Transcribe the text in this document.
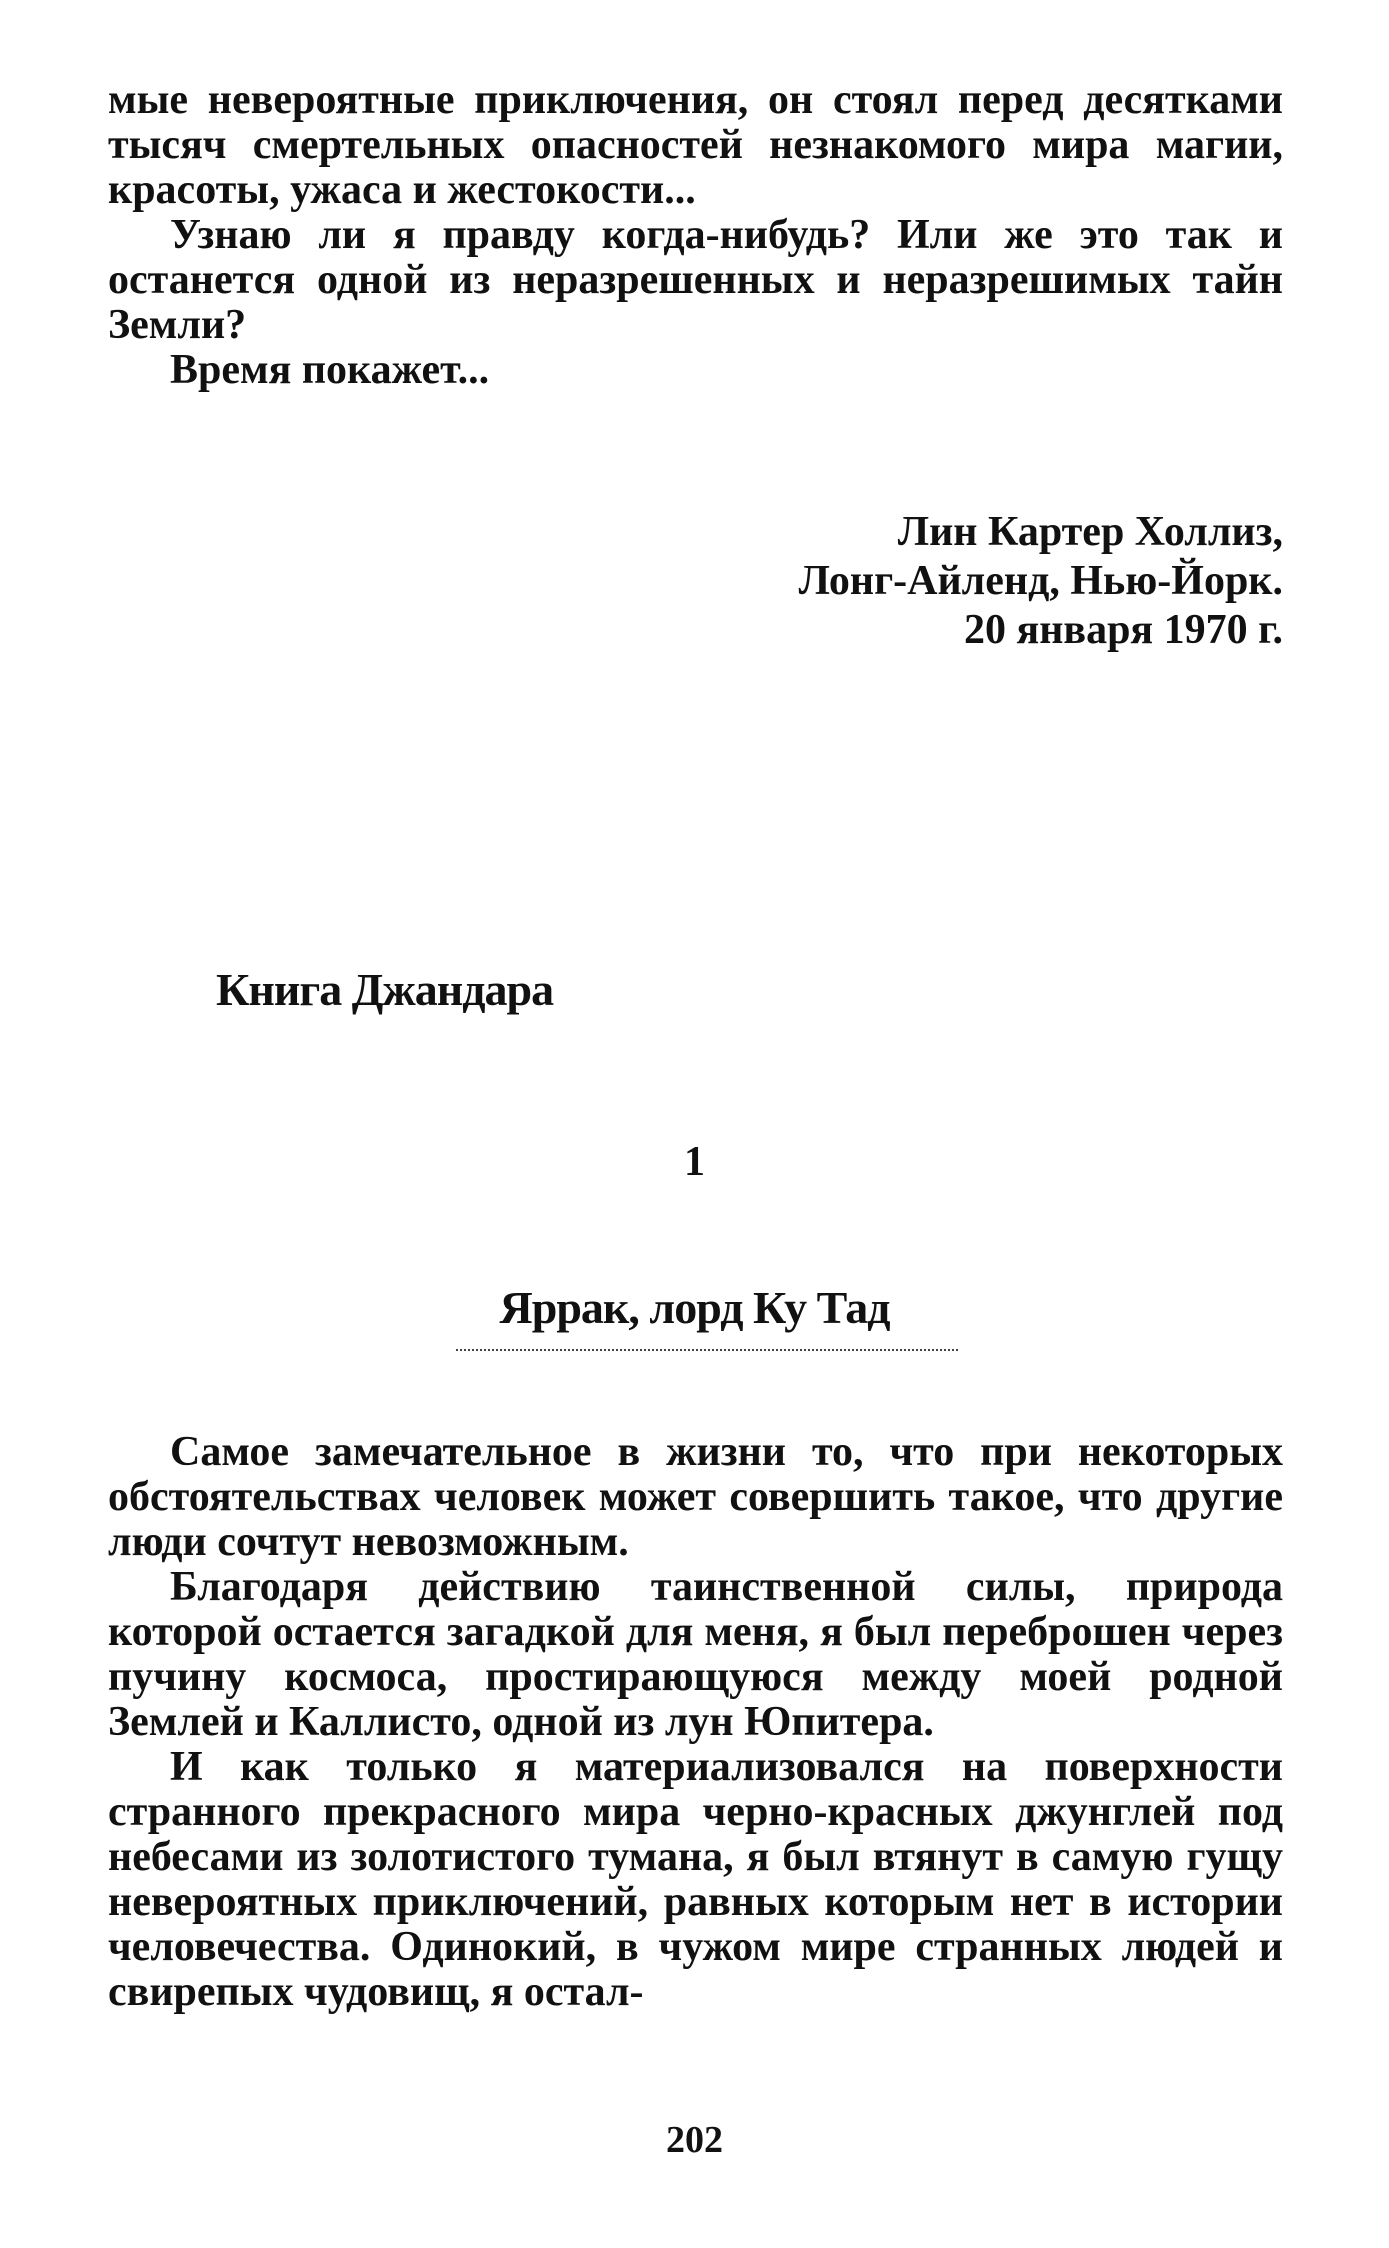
мые невероятные приключения, он стоял перед десятками тысяч смертельных опасностей незнакомого мира магии, красоты, ужаса и жестокости...

Узнаю ли я правду когда-нибудь? Или же это так и останется одной из неразрешенных и неразрешимых тайн Земли?

Время покажет...

Лин Картер Холлиз,
Лонг-Айленд, Нью-Йорк.
20 января 1970 г.
Книга Джандара
1
Яррак, лорд Ку Тад

Самое замечательное в жизни то, что при некоторых обстоятельствах человек может совершить такое, что другие люди сочтут невозможным.

Благодаря действию таинственной силы, природа которой остается загадкой для меня, я был переброшен через пучину космоса, простирающуюся между моей родной Землей и Каллисто, одной из лун Юпитера.

И как только я материализовался на поверхности странного прекрасного мира черно-красных джунглей под небесами из золотистого тумана, я был втянут в самую гущу невероятных приключений, равных которым нет в истории человечества. Одинокий, в чужом мире странных людей и свирепых чудовищ, я остал-

202
